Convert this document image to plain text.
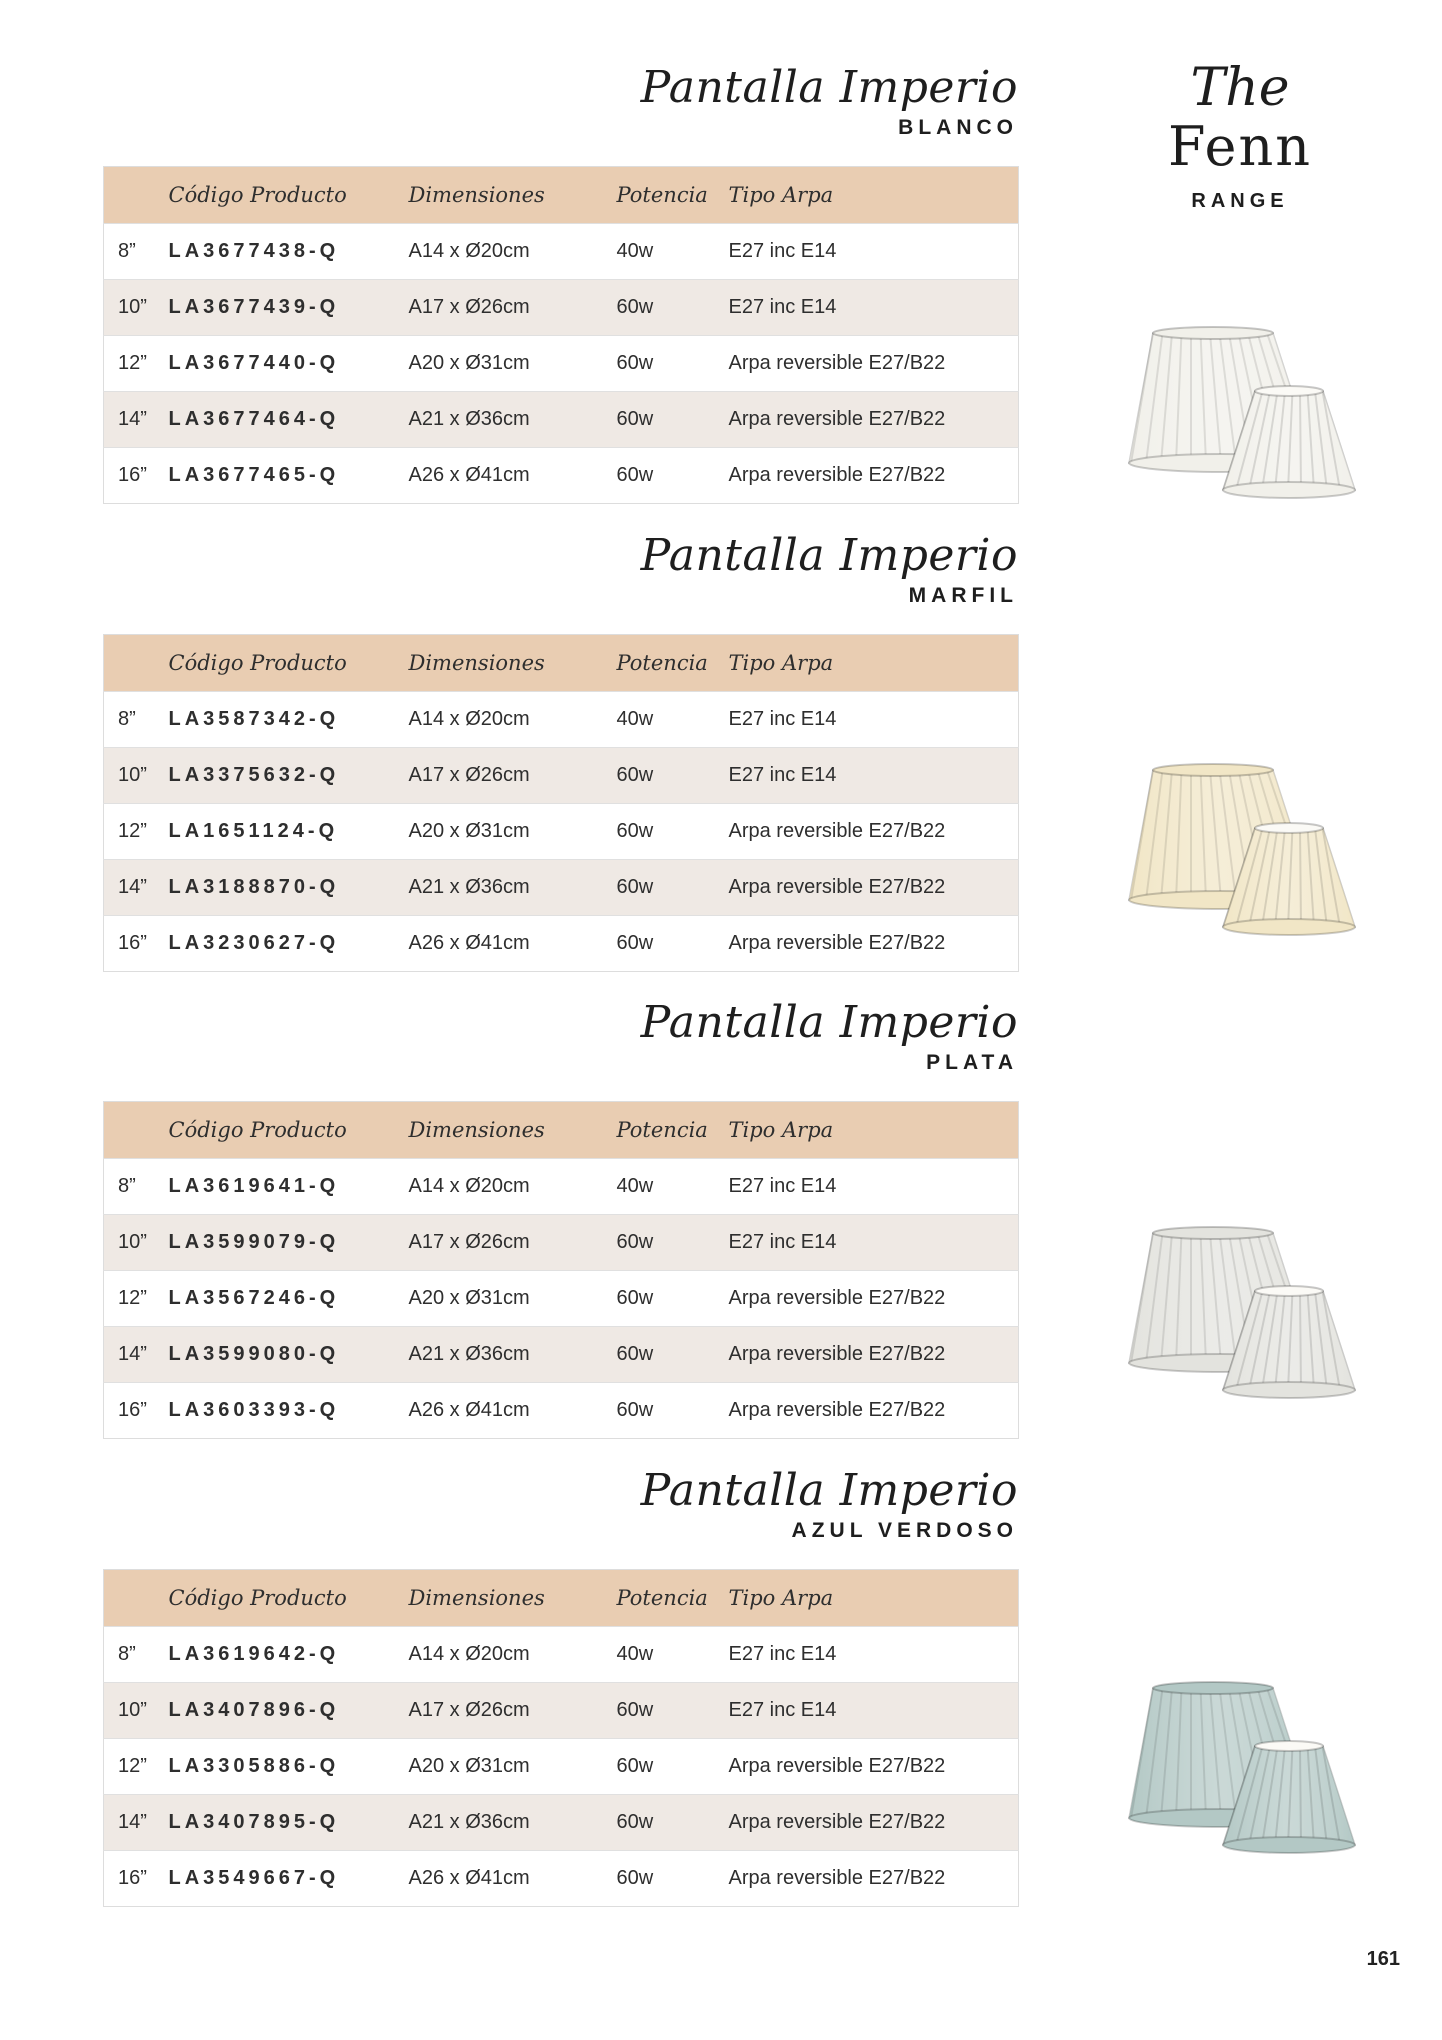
The
Fenn
RANGE
Pantalla Imperio
BLANCO
	Código Producto	Dimensiones	Potencia	Tipo Arpa
8”	LA3677438-Q	A14 x Ø20cm	40w	E27 inc E14
10”	LA3677439-Q	A17 x Ø26cm	60w	E27 inc E14
12”	LA3677440-Q	A20 x Ø31cm	60w	Arpa reversible E27/B22
14”	LA3677464-Q	A21 x Ø36cm	60w	Arpa reversible E27/B22
16”	LA3677465-Q	A26 x Ø41cm	60w	Arpa reversible E27/B22
Pantalla Imperio
MARFIL
	Código Producto	Dimensiones	Potencia	Tipo Arpa
8”	LA3587342-Q	A14 x Ø20cm	40w	E27 inc E14
10”	LA3375632-Q	A17 x Ø26cm	60w	E27 inc E14
12”	LA1651124-Q	A20 x Ø31cm	60w	Arpa reversible E27/B22
14”	LA3188870-Q	A21 x Ø36cm	60w	Arpa reversible E27/B22
16”	LA3230627-Q	A26 x Ø41cm	60w	Arpa reversible E27/B22
Pantalla Imperio
PLATA
	Código Producto	Dimensiones	Potencia	Tipo Arpa
8”	LA3619641-Q	A14 x Ø20cm	40w	E27 inc E14
10”	LA3599079-Q	A17 x Ø26cm	60w	E27 inc E14
12”	LA3567246-Q	A20 x Ø31cm	60w	Arpa reversible E27/B22
14”	LA3599080-Q	A21 x Ø36cm	60w	Arpa reversible E27/B22
16”	LA3603393-Q	A26 x Ø41cm	60w	Arpa reversible E27/B22
Pantalla Imperio
AZUL VERDOSO
	Código Producto	Dimensiones	Potencia	Tipo Arpa
8”	LA3619642-Q	A14 x Ø20cm	40w	E27 inc E14
10”	LA3407896-Q	A17 x Ø26cm	60w	E27 inc E14
12”	LA3305886-Q	A20 x Ø31cm	60w	Arpa reversible E27/B22
14”	LA3407895-Q	A21 x Ø36cm	60w	Arpa reversible E27/B22
16”	LA3549667-Q	A26 x Ø41cm	60w	Arpa reversible E27/B22
161
